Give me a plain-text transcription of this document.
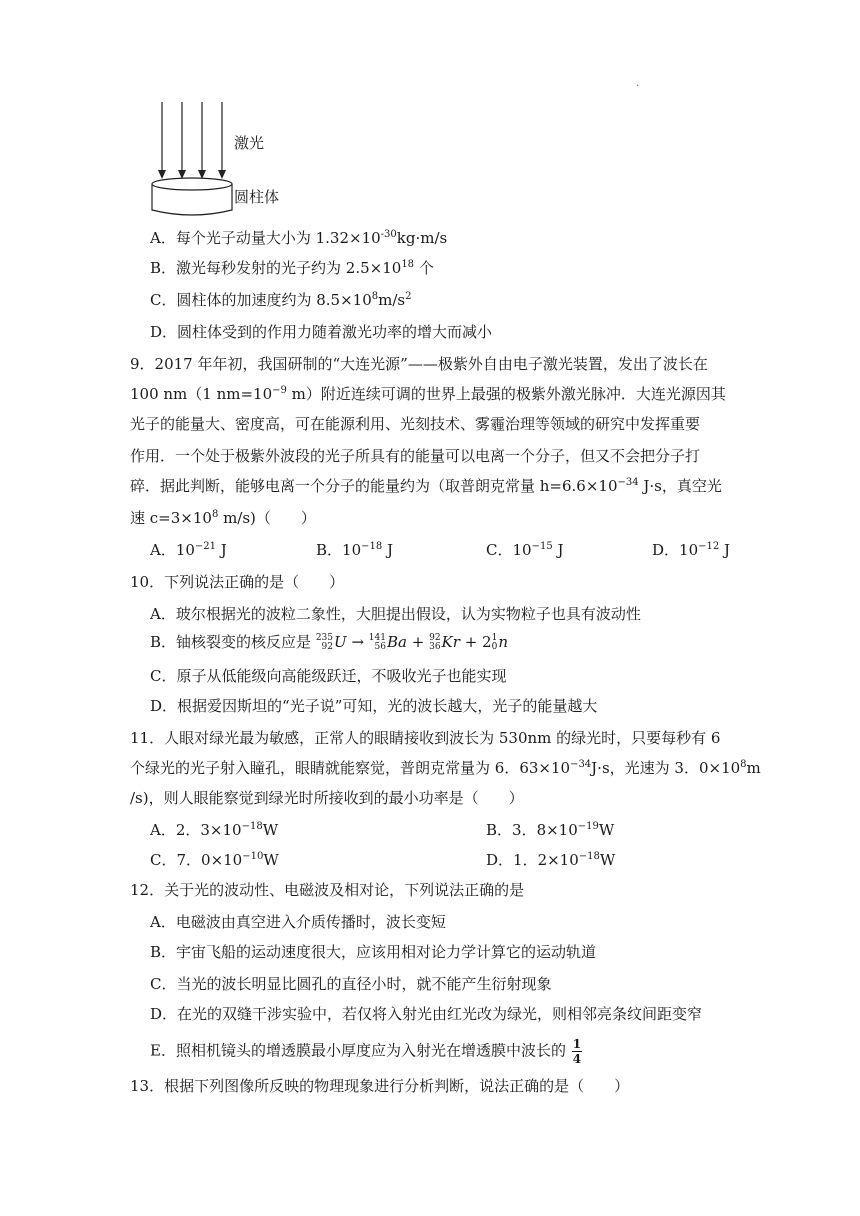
.
激光
圆柱体
A．每个光子动量大小为 $1.32\times 10^{-30}kg\cdot m/s$
B．激光每秒发射的光子约为 $2.5\times 10^{18}$ 个
C．圆柱体的加速度约为 $8.5\times 10^8m/s^2$
D．圆柱体受到的作用力随着激光功率的增大而减小
9．2017 年年初，我国研制的“大连光源”——极紫外自由电子激光装置，发出了波长在
100 nm（1 $nm=10^{-9}$ m）附近连续可调的世界上最强的极紫外激光脉冲．大连光源因其
光子的能量大、密度高，可在能源利用、光刻技术、雾霾治理等领域的研究中发挥重要
作用．一个处于极紫外波段的光子所具有的能量可以电离一个分子，但又不会把分子打
碎．据此判断，能够电离一个分子的能量约为（取普朗克常量 $h=6.6\times 10^{-34}$ J·s，真空光
速 $c=3\times 10^8$ m/s)（　　）
A．$10^{-21}$ J	B．$10^{-18}$ J	C．$10^{-15}$ J	D．$10^{-12}$ J
10．下列说法正确的是（　　）
A．玻尔根据光的波粒二象性，大胆提出假设，认为实物粒子也具有波动性
B．铀核裂变的核反应是 235
92 U → 141
56 Ba + 92
36 Kr + 2 1
0 n
C．原子从低能级向高能级跃迁，不吸收光子也能实现
D．根据爱因斯坦的“光子说”可知，光的波长越大，光子的能量越大
11．人眼对绿光最为敏感，正常人的眼睛接收到波长为 530nm 的绿光时，只要每秒有 6
个绿光的光子射入瞳孔，眼睛就能察觉，普朗克常量为 6．$63\times 10^{-34}J\cdot s$，光速为 3．$0\times 10^8m$
/s)，则人眼能察觉到绿光时所接收到的最小功率是（　　）
A．2．$3\times 10^{-18}W$	B．3．$8\times 10^{-19}W$
C．7．$0\times 10^{-10}W$	D．1．$2\times 10^{-18}W$
12．关于光的波动性、电磁波及相对论，下列说法正确的是
A．电磁波由真空进入介质传播时，波长变短
B．宇宙飞船的运动速度很大，应该用相对论力学计算它的运动轨道
C．当光的波长明显比圆孔的直径小时，就不能产生衍射现象
D．在光的双缝干涉实验中，若仅将入射光由红光改为绿光，则相邻亮条纹间距变窄
E．照相机镜头的增透膜最小厚度应为入射光在增透膜中波长的 $\frac{1}{4}$
13．根据下列图像所反映的物理现象进行分析判断，说法正确的是（　　）
